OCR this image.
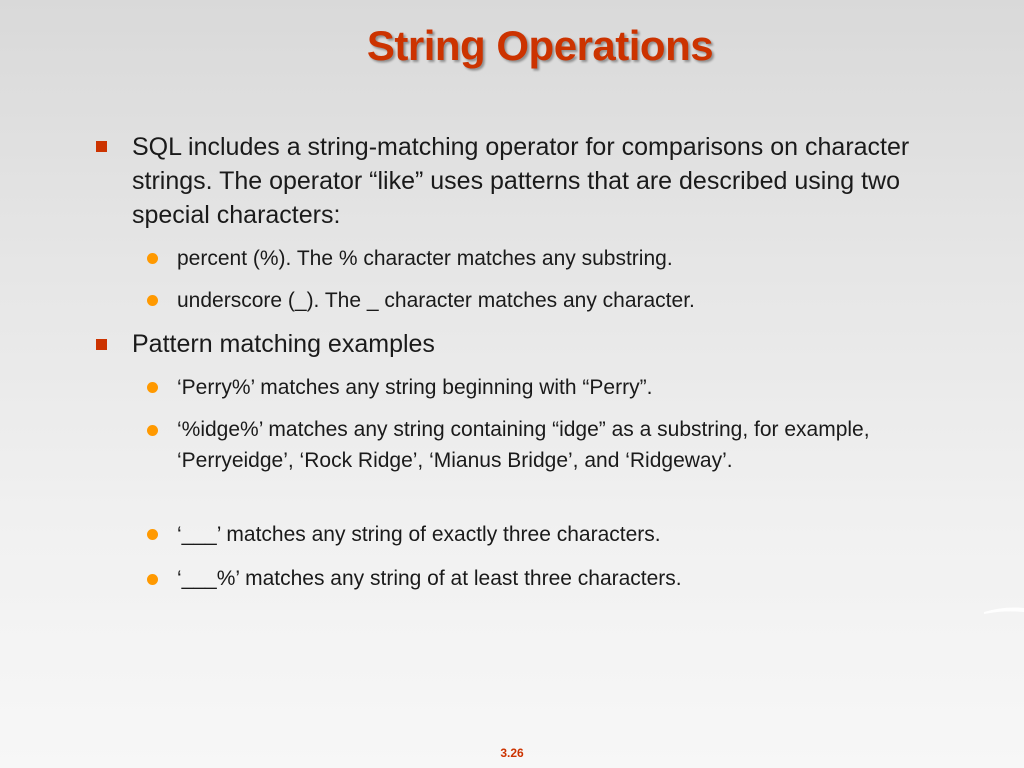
String Operations
SQL includes a string-matching operator for comparisons on character strings. The operator “like” uses patterns that are described using two special characters:
percent (%). The % character matches any substring.
underscore (_). The _ character matches any character.
Pattern matching examples
‘Perry%’ matches any string beginning with “Perry”.
‘%idge%’ matches any string containing “idge” as a substring, for example, ‘Perryeidge’, ‘Rock Ridge’, ‘Mianus Bridge’, and ‘Ridgeway’.
‘___’ matches any string of exactly three characters.
‘___%’ matches any string of at least three characters.
3.26
